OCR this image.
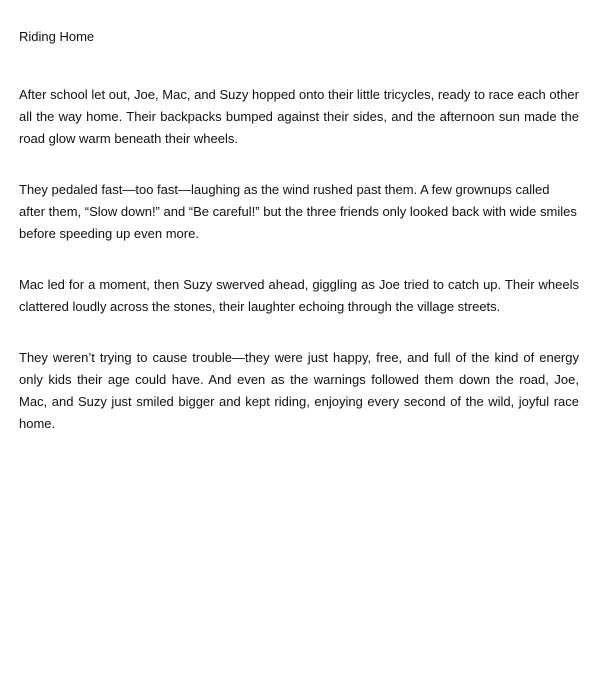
Riding Home

After school let out, Joe, Mac, and Suzy hopped onto their little tricycles, ready to race each other all the way home. Their backpacks bumped against their sides, and the afternoon sun made the road glow warm beneath their wheels.

They pedaled fast—too fast—laughing as the wind rushed past them. A few grownups called after them, “Slow down!” and “Be careful!” but the three friends only looked back with wide smiles before speeding up even more.

Mac led for a moment, then Suzy swerved ahead, giggling as Joe tried to catch up. Their wheels clattered loudly across the stones, their laughter echoing through the village streets.

They weren’t trying to cause trouble—they were just happy, free, and full of the kind of energy only kids their age could have. And even as the warnings followed them down the road, Joe, Mac, and Suzy just smiled bigger and kept riding, enjoying every second of the wild, joyful race home.
